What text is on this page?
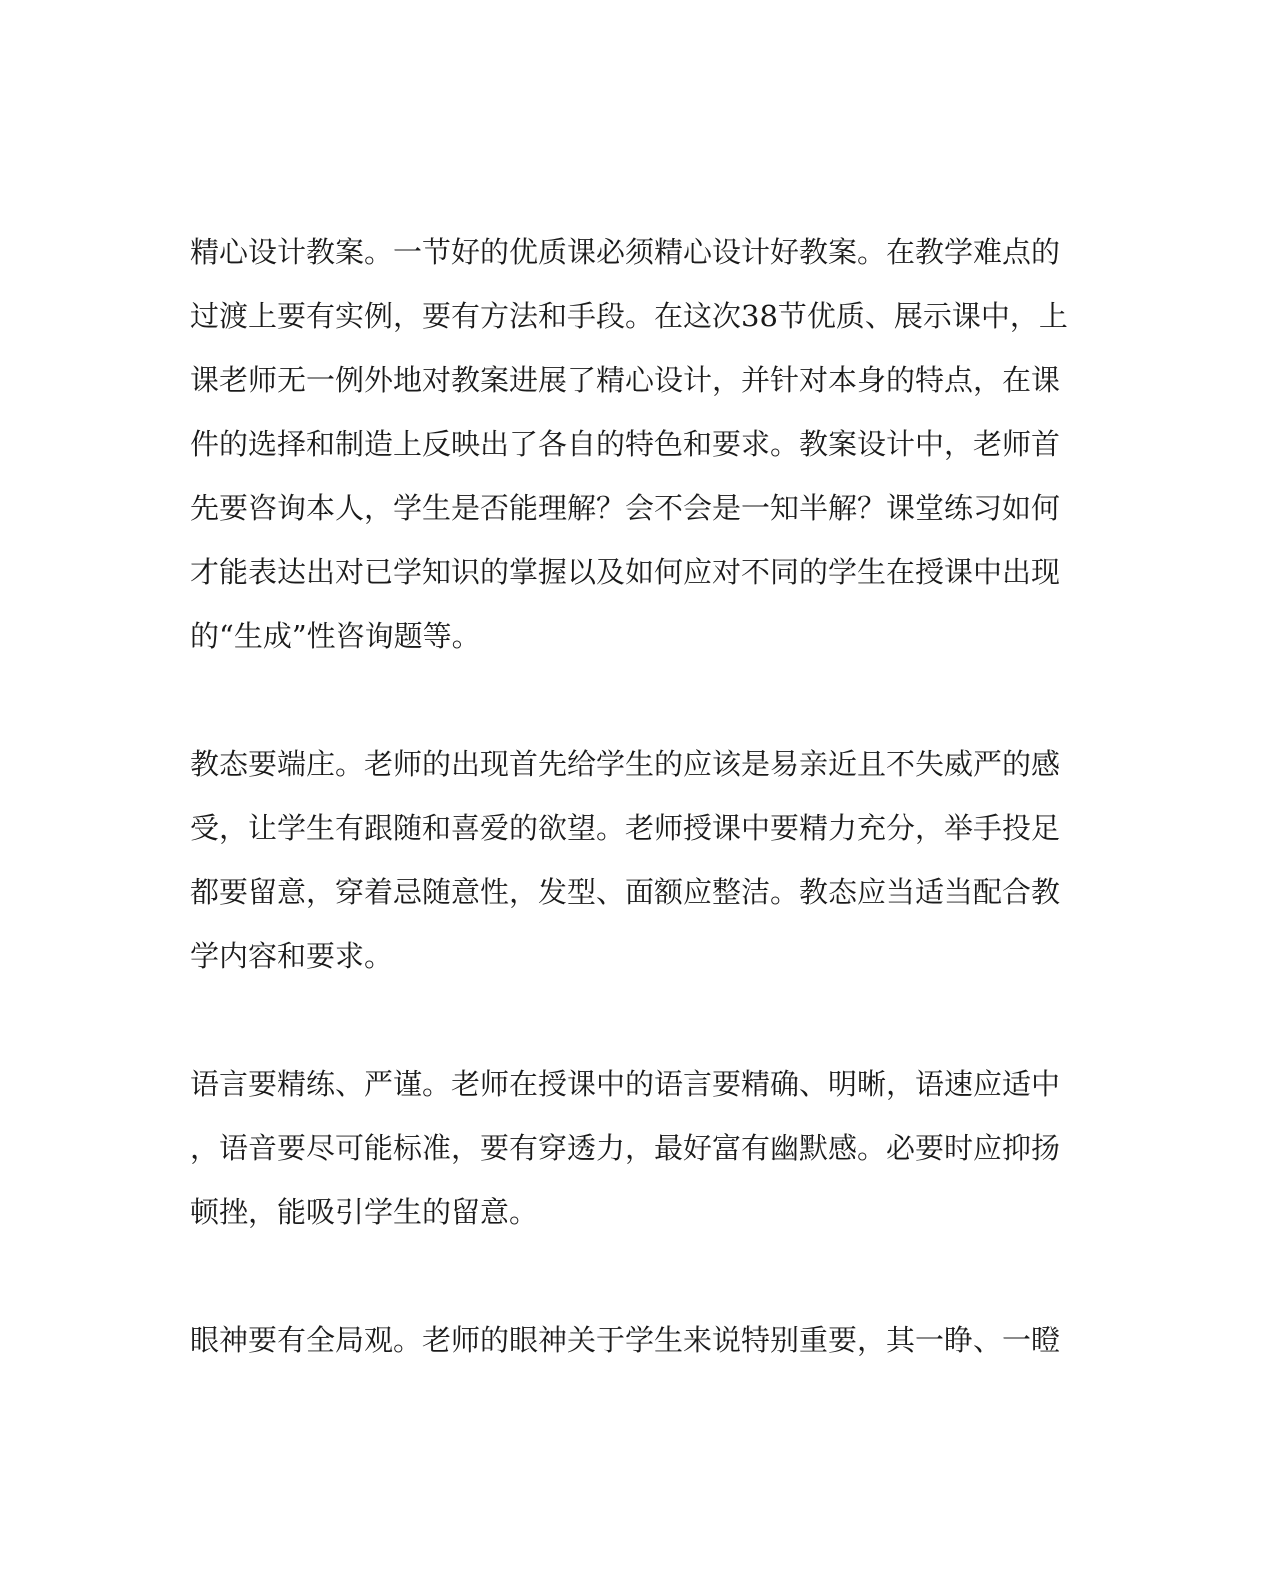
精心设计教案。一节好的优质课必须精心设计好教案。在教学难点的
过渡上要有实例，要有方法和手段。在这次38节优质、展示课中，上
课老师无一例外地对教案进展了精心设计，并针对本身的特点，在课
件的选择和制造上反映出了各自的特色和要求。教案设计中，老师首
先要咨询本人，学生是否能理解？会不会是一知半解？课堂练习如何
才能表达出对已学知识的掌握以及如何应对不同的学生在授课中出现
的“生成”性咨询题等。
教态要端庄。老师的出现首先给学生的应该是易亲近且不失威严的感
受，让学生有跟随和喜爱的欲望。老师授课中要精力充分，举手投足
都要留意，穿着忌随意性，发型、面额应整洁。教态应当适当配合教
学内容和要求。
语言要精练、严谨。老师在授课中的语言要精确、明晰，语速应适中
，语音要尽可能标准，要有穿透力，最好富有幽默感。必要时应抑扬
顿挫，能吸引学生的留意。
眼神要有全局观。老师的眼神关于学生来说特别重要，其一睁、一瞪
